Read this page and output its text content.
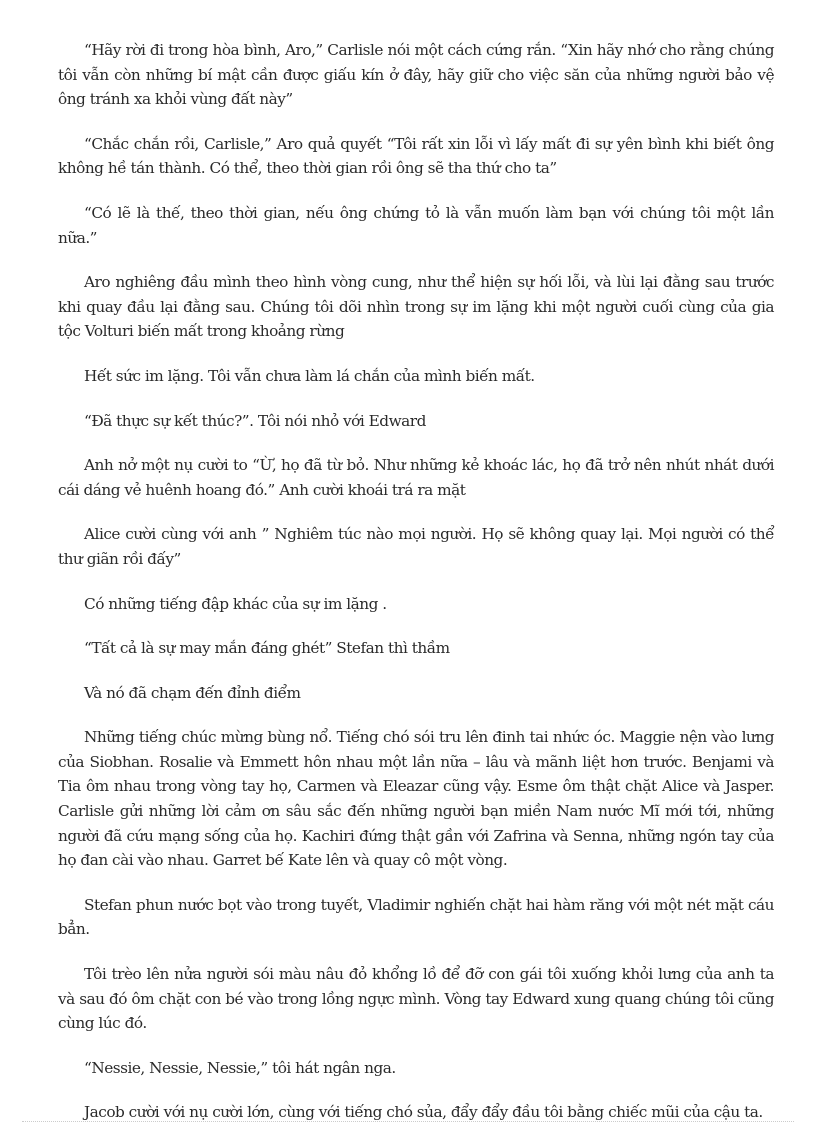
“Hãy rời đi trong hòa bình, Aro,” Carlisle nói một cách cứng rắn. “Xin hãy nhớ cho rằng chúng tôi vẫn còn những bí mật cần được giấu kín ở đây, hãy giữ cho việc săn của những người bảo vệ ông tránh xa khỏi vùng đất này”

“Chắc chắn rồi, Carlisle,” Aro quả quyết “Tôi rất xin lỗi vì lấy mất đi sự yên bình khi biết ông không hề tán thành. Có thể, theo thời gian rồi ông sẽ tha thứ cho ta”

“Có lẽ là thế, theo thời gian, nếu ông chứng tỏ là vẫn muốn làm bạn với chúng tôi một lần nữa.”

Aro nghiêng đầu mình theo hình vòng cung, như thể hiện sự hối lỗi, và lùi lại đằng sau trước khi quay đầu lại đằng sau. Chúng tôi dõi nhìn trong sự im lặng khi một người cuối cùng của gia tộc Volturi biến mất trong khoảng rừng

Hết sức im lặng. Tôi vẫn chưa làm lá chắn của mình biến mất.

“Đã thực sự kết thúc?”. Tôi nói nhỏ với Edward

Anh nở một nụ cười to “Ừ, họ đã từ bỏ. Như những kẻ khoác lác, họ đã trở nên nhút nhát dưới cái dáng vẻ huênh hoang đó.” Anh cười khoái trá ra mặt

Alice cười cùng với anh ” Nghiêm túc nào mọi người. Họ sẽ không quay lại. Mọi người có thể thư giãn rồi đấy”

Có những tiếng đập khác của sự im lặng .

“Tất cả là sự may mắn đáng ghét” Stefan thì thầm

Và nó đã chạm đến đỉnh điểm

Những tiếng chúc mừng bùng nổ. Tiếng chó sói tru lên đinh tai nhức óc. Maggie nện vào lưng của Siobhan. Rosalie và Emmett hôn nhau một lần nữa – lâu và mãnh liệt hơn trước. Benjami và Tia ôm nhau trong vòng tay họ, Carmen và Eleazar cũng vậy. Esme ôm thật chặt Alice và Jasper. Carlisle gửi những lời cảm ơn sâu sắc đến những người bạn miền Nam nước Mĩ mới tới, những người đã cứu mạng sống của họ. Kachiri đứng thật gần với Zafrina và Senna, những ngón tay của họ đan cài vào nhau. Garret bế Kate lên và quay cô một vòng.

Stefan phun nước bọt vào trong tuyết, Vladimir nghiến chặt hai hàm răng với một nét mặt cáu bẳn.

Tôi trèo lên nửa người sói màu nâu đỏ khổng lồ để đỡ con gái tôi xuống khỏi lưng của anh ta và sau đó ôm chặt con bé vào trong lồng ngực mình. Vòng tay Edward xung quang chúng tôi cũng cùng lúc đó.

“Nessie, Nessie, Nessie,” tôi hát ngân nga.

Jacob cười với nụ cười lớn, cùng với tiếng chó sủa, đẩy đẩy đầu tôi bằng chiếc mũi của cậu ta.
